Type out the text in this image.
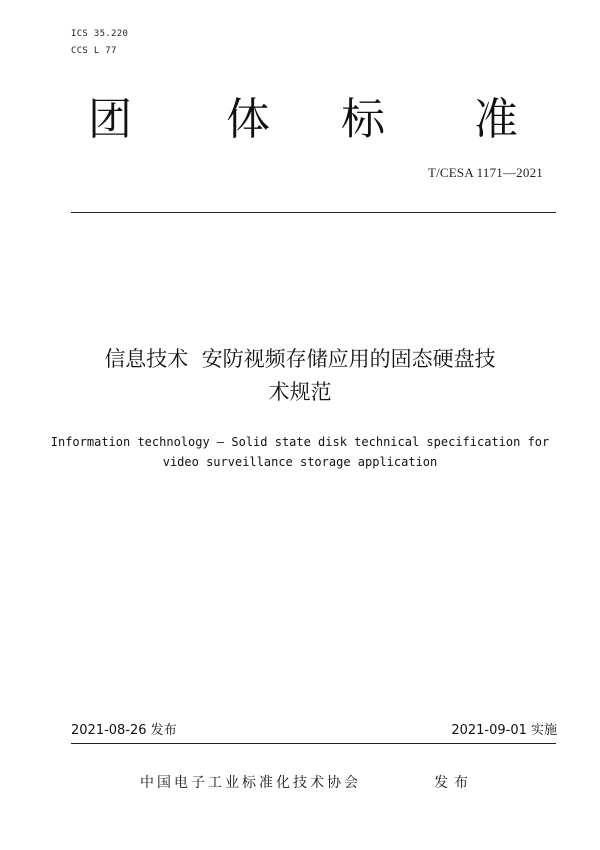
ICS 35.220
CCS L 77
团 体 标 准
T/CESA 1171—2021
信息技术  安防视频存储应用的固态硬盘技
术规范
Information technology — Solid state disk technical specification for
video surveillance storage application
2021-08-26 发布	2021-09-01 实施
中国电子工业标准化技术协会	发布
